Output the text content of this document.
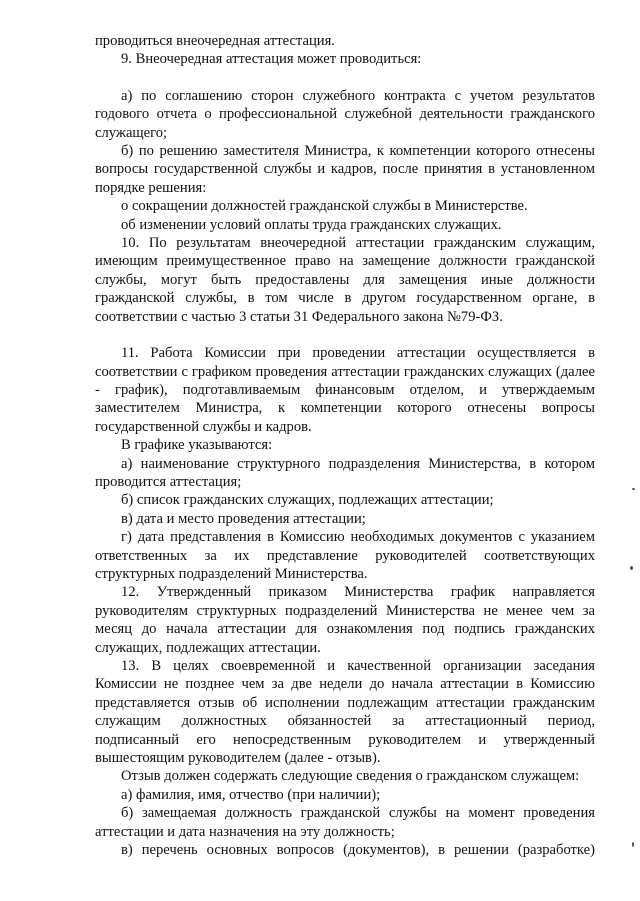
проводиться внеочередная аттестация.

9. Внеочередная аттестация может проводиться:

а) по соглашению сторон служебного контракта с учетом результатов годового отчета о профессиональной служебной деятельности гражданского служащего;

б) по решению заместителя Министра, к компетенции которого отнесены вопросы государственной службы и кадров, после принятия в установленном порядке решения:

о сокращении должностей гражданской службы в Министерстве.

об изменении условий оплаты труда гражданских служащих.

10. По результатам внеочередной аттестации гражданским служащим, имеющим преимущественное право на замещение должности гражданской службы, могут быть предоставлены для замещения иные должности гражданской службы, в том числе в другом государственном органе, в соответствии с частью 3 статьи 31 Федерального закона №79-ФЗ.

11. Работа Комиссии при проведении аттестации осуществляется в соответствии с графиком проведения аттестации гражданских служащих (далее - график), подготавливаемым финансовым отделом, и утверждаемым заместителем Министра, к компетенции которого отнесены вопросы государственной службы и кадров.

В графике указываются:

а) наименование структурного подразделения Министерства, в котором проводится аттестация;

б) список гражданских служащих, подлежащих аттестации;

в) дата и место проведения аттестации;

г) дата представления в Комиссию необходимых документов с указанием ответственных за их представление руководителей соответствующих структурных подразделений Министерства.

12. Утвержденный приказом Министерства график направляется руководителям структурных подразделений Министерства не менее чем за месяц до начала аттестации для ознакомления под подпись гражданских служащих, подлежащих аттестации.

13. В целях своевременной и качественной организации заседания Комиссии не позднее чем за две недели до начала аттестации в Комиссию представляется отзыв об исполнении подлежащим аттестации гражданским служащим должностных обязанностей за аттестационный период, подписанный его непосредственным руководителем и утвержденный вышестоящим руководителем (далее - отзыв).

Отзыв должен содержать следующие сведения о гражданском служащем:

а) фамилия, имя, отчество (при наличии);

б) замещаемая должность гражданской службы на момент проведения аттестации и дата назначения на эту должность;

в) перечень основных вопросов (документов), в решении (разработке)
